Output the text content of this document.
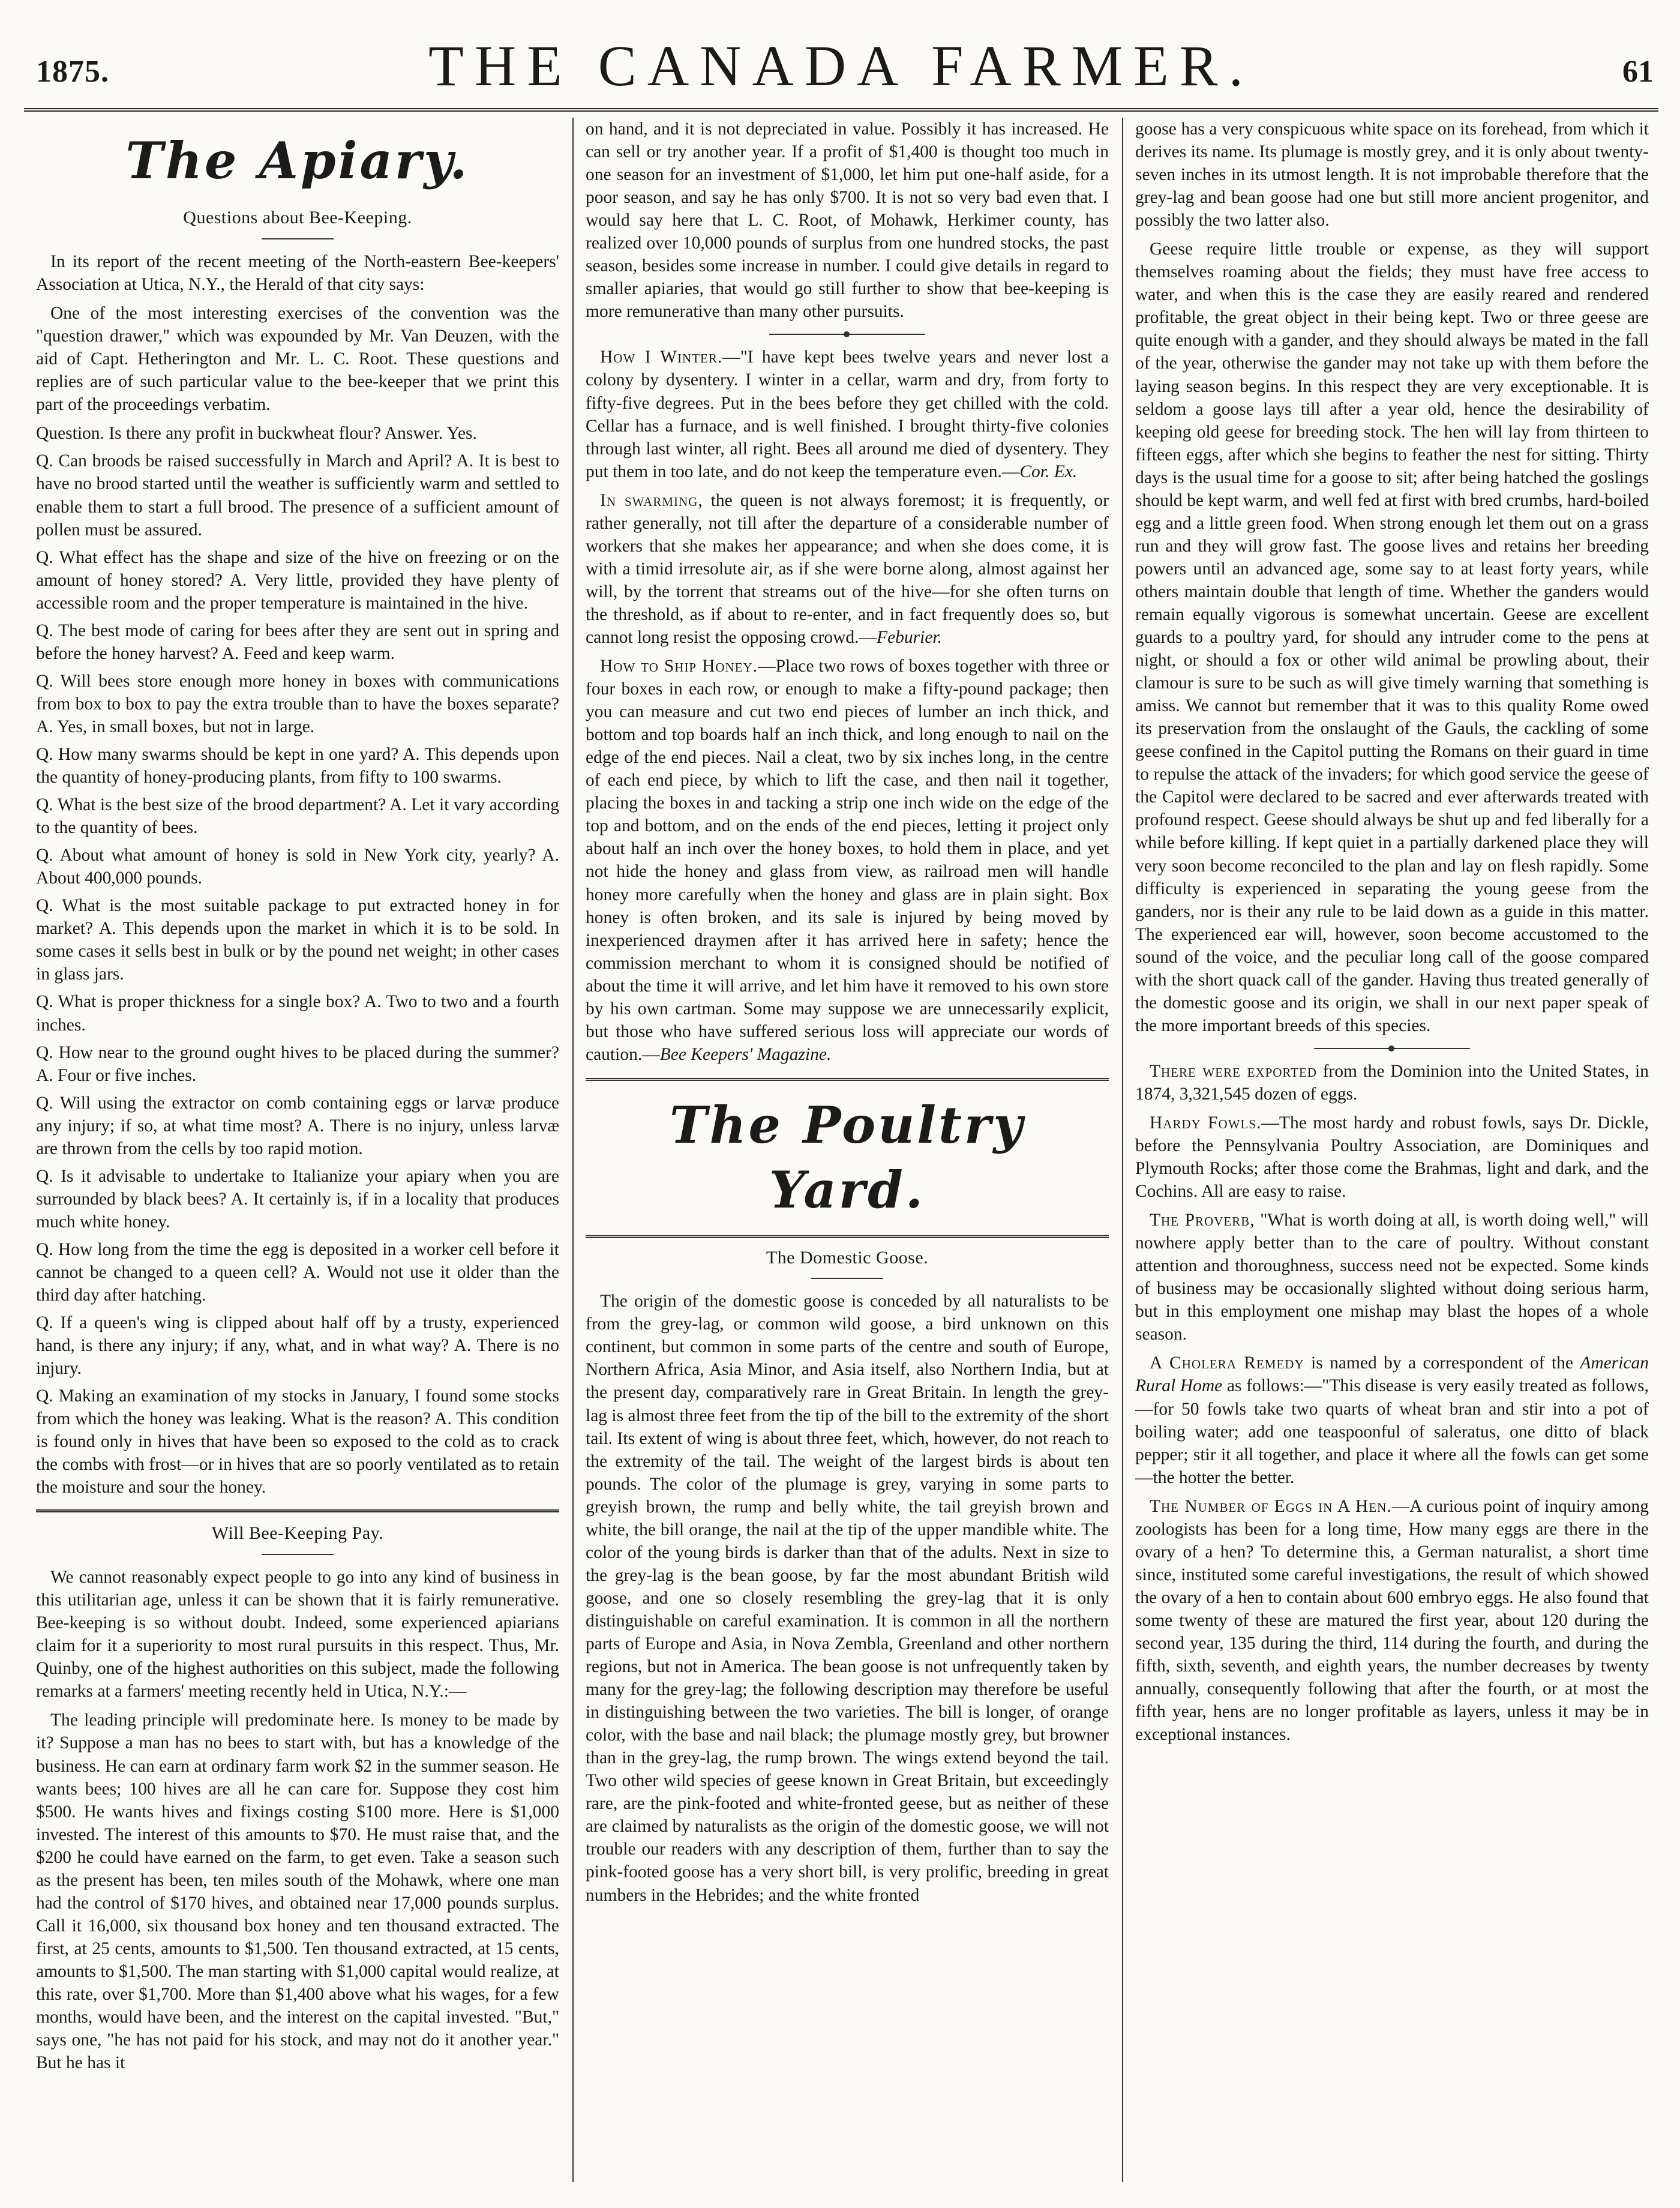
1875.	THE CANADA FARMER.	61
The Apiary.
Questions about Bee-Keeping.

In its report of the recent meeting of the North-eastern Bee-keepers' Association at Utica, N.Y., the Herald of that city says:

One of the most interesting exercises of the convention was the "question drawer," which was expounded by Mr. Van Deuzen, with the aid of Capt. Hetherington and Mr. L. C. Root. These questions and replies are of such particular value to the bee-keeper that we print this part of the proceedings verbatim.

Question. Is there any profit in buckwheat flour? Answer. Yes.

Q. Can broods be raised successfully in March and April? A. It is best to have no brood started until the weather is sufficiently warm and settled to enable them to start a full brood. The presence of a sufficient amount of pollen must be assured.

Q. What effect has the shape and size of the hive on freezing or on the amount of honey stored? A. Very little, provided they have plenty of accessible room and the proper temperature is maintained in the hive.

Q. The best mode of caring for bees after they are sent out in spring and before the honey harvest? A. Feed and keep warm.

Q. Will bees store enough more honey in boxes with communications from box to box to pay the extra trouble than to have the boxes separate? A. Yes, in small boxes, but not in large.

Q. How many swarms should be kept in one yard? A. This depends upon the quantity of honey-producing plants, from fifty to 100 swarms.

Q. What is the best size of the brood department? A. Let it vary according to the quantity of bees.

Q. About what amount of honey is sold in New York city, yearly? A. About 400,000 pounds.

Q. What is the most suitable package to put extracted honey in for market? A. This depends upon the market in which it is to be sold. In some cases it sells best in bulk or by the pound net weight; in other cases in glass jars.

Q. What is proper thickness for a single box? A. Two to two and a fourth inches.

Q. How near to the ground ought hives to be placed during the summer? A. Four or five inches.

Q. Will using the extractor on comb containing eggs or larvæ produce any injury; if so, at what time most? A. There is no injury, unless larvæ are thrown from the cells by too rapid motion.

Q. Is it advisable to undertake to Italianize your apiary when you are surrounded by black bees? A. It certainly is, if in a locality that produces much white honey.

Q. How long from the time the egg is deposited in a worker cell before it cannot be changed to a queen cell? A. Would not use it older than the third day after hatching.

Q. If a queen's wing is clipped about half off by a trusty, experienced hand, is there any injury; if any, what, and in what way? A. There is no injury.

Q. Making an examination of my stocks in January, I found some stocks from which the honey was leaking. What is the reason? A. This condition is found only in hives that have been so exposed to the cold as to crack the combs with frost—or in hives that are so poorly ventilated as to retain the moisture and sour the honey.

Will Bee-Keeping Pay.

We cannot reasonably expect people to go into any kind of business in this utilitarian age, unless it can be shown that it is fairly remunerative. Bee-keeping is so without doubt. Indeed, some experienced apiarians claim for it a superiority to most rural pursuits in this respect. Thus, Mr. Quinby, one of the highest authorities on this subject, made the following remarks at a farmers' meeting recently held in Utica, N.Y.:—

The leading principle will predominate here. Is money to be made by it? Suppose a man has no bees to start with, but has a knowledge of the business. He can earn at ordinary farm work $2 in the summer season. He wants bees; 100 hives are all he can care for. Suppose they cost him $500. He wants hives and fixings costing $100 more. Here is $1,000 invested. The interest of this amounts to $70. He must raise that, and the $200 he could have earned on the farm, to get even. Take a season such as the present has been, ten miles south of the Mohawk, where one man had the control of $170 hives, and obtained near 17,000 pounds surplus. Call it 16,000, six thousand box honey and ten thousand extracted. The first, at 25 cents, amounts to $1,500. Ten thousand extracted, at 15 cents, amounts to $1,500. The man starting with $1,000 capital would realize, at this rate, over $1,700. More than $1,400 above what his wages, for a few months, would have been, and the interest on the capital invested. "But," says one, "he has not paid for his stock, and may not do it another year." But he has it

on hand, and it is not depreciated in value. Possibly it has increased. He can sell or try another year. If a profit of $1,400 is thought too much in one season for an investment of $1,000, let him put one-half aside, for a poor season, and say he has only $700. It is not so very bad even that. I would say here that L. C. Root, of Mohawk, Herkimer county, has realized over 10,000 pounds of surplus from one hundred stocks, the past season, besides some increase in number. I could give details in regard to smaller apiaries, that would go still further to show that bee-keeping is more remunerative than many other pursuits.

How I Winter.—"I have kept bees twelve years and never lost a colony by dysentery. I winter in a cellar, warm and dry, from forty to fifty-five degrees. Put in the bees before they get chilled with the cold. Cellar has a furnace, and is well finished. I brought thirty-five colonies through last winter, all right. Bees all around me died of dysentery. They put them in too late, and do not keep the temperature even.—Cor. Ex.

In swarming, the queen is not always foremost; it is frequently, or rather generally, not till after the departure of a considerable number of workers that she makes her appearance; and when she does come, it is with a timid irresolute air, as if she were borne along, almost against her will, by the torrent that streams out of the hive—for she often turns on the threshold, as if about to re-enter, and in fact frequently does so, but cannot long resist the opposing crowd.—Feburier.

How to Ship Honey.—Place two rows of boxes together with three or four boxes in each row, or enough to make a fifty-pound package; then you can measure and cut two end pieces of lumber an inch thick, and bottom and top boards half an inch thick, and long enough to nail on the edge of the end pieces. Nail a cleat, two by six inches long, in the centre of each end piece, by which to lift the case, and then nail it together, placing the boxes in and tacking a strip one inch wide on the edge of the top and bottom, and on the ends of the end pieces, letting it project only about half an inch over the honey boxes, to hold them in place, and yet not hide the honey and glass from view, as railroad men will handle honey more carefully when the honey and glass are in plain sight. Box honey is often broken, and its sale is injured by being moved by inexperienced draymen after it has arrived here in safety; hence the commission merchant to whom it is consigned should be notified of about the time it will arrive, and let him have it removed to his own store by his own cartman. Some may suppose we are unnecessarily explicit, but those who have suffered serious loss will appreciate our words of caution.—Bee Keepers' Magazine.

The Poultry Yard.
The Domestic Goose.

The origin of the domestic goose is conceded by all naturalists to be from the grey-lag, or common wild goose, a bird unknown on this continent, but common in some parts of the centre and south of Europe, Northern Africa, Asia Minor, and Asia itself, also Northern India, but at the present day, comparatively rare in Great Britain. In length the grey-lag is almost three feet from the tip of the bill to the extremity of the short tail. Its extent of wing is about three feet, which, however, do not reach to the extremity of the tail. The weight of the largest birds is about ten pounds. The color of the plumage is grey, varying in some parts to greyish brown, the rump and belly white, the tail greyish brown and white, the bill orange, the nail at the tip of the upper mandible white. The color of the young birds is darker than that of the adults. Next in size to the grey-lag is the bean goose, by far the most abundant British wild goose, and one so closely resembling the grey-lag that it is only distinguishable on careful examination. It is common in all the northern parts of Europe and Asia, in Nova Zembla, Greenland and other northern regions, but not in America. The bean goose is not unfrequently taken by many for the grey-lag; the following description may therefore be useful in distinguishing between the two varieties. The bill is longer, of orange color, with the base and nail black; the plumage mostly grey, but browner than in the grey-lag, the rump brown. The wings extend beyond the tail. Two other wild species of geese known in Great Britain, but exceedingly rare, are the pink-footed and white-fronted geese, but as neither of these are claimed by naturalists as the origin of the domestic goose, we will not trouble our readers with any description of them, further than to say the pink-footed goose has a very short bill, is very prolific, breeding in great numbers in the Hebrides; and the white fronted

goose has a very conspicuous white space on its forehead, from which it derives its name. Its plumage is mostly grey, and it is only about twenty-seven inches in its utmost length. It is not improbable therefore that the grey-lag and bean goose had one but still more ancient progenitor, and possibly the two latter also.

Geese require little trouble or expense, as they will support themselves roaming about the fields; they must have free access to water, and when this is the case they are easily reared and rendered profitable, the great object in their being kept. Two or three geese are quite enough with a gander, and they should always be mated in the fall of the year, otherwise the gander may not take up with them before the laying season begins. In this respect they are very exceptionable. It is seldom a goose lays till after a year old, hence the desirability of keeping old geese for breeding stock. The hen will lay from thirteen to fifteen eggs, after which she begins to feather the nest for sitting. Thirty days is the usual time for a goose to sit; after being hatched the goslings should be kept warm, and well fed at first with bred crumbs, hard-boiled egg and a little green food. When strong enough let them out on a grass run and they will grow fast. The goose lives and retains her breeding powers until an advanced age, some say to at least forty years, while others maintain double that length of time. Whether the ganders would remain equally vigorous is somewhat uncertain. Geese are excellent guards to a poultry yard, for should any intruder come to the pens at night, or should a fox or other wild animal be prowling about, their clamour is sure to be such as will give timely warning that something is amiss. We cannot but remember that it was to this quality Rome owed its preservation from the onslaught of the Gauls, the cackling of some geese confined in the Capitol putting the Romans on their guard in time to repulse the attack of the invaders; for which good service the geese of the Capitol were declared to be sacred and ever afterwards treated with profound respect. Geese should always be shut up and fed liberally for a while before killing. If kept quiet in a partially darkened place they will very soon become reconciled to the plan and lay on flesh rapidly. Some difficulty is experienced in separating the young geese from the ganders, nor is their any rule to be laid down as a guide in this matter. The experienced ear will, however, soon become accustomed to the sound of the voice, and the peculiar long call of the goose compared with the short quack call of the gander. Having thus treated generally of the domestic goose and its origin, we shall in our next paper speak of the more important breeds of this species.

There were exported from the Dominion into the United States, in 1874, 3,321,545 dozen of eggs.

Hardy Fowls.—The most hardy and robust fowls, says Dr. Dickle, before the Pennsylvania Poultry Association, are Dominiques and Plymouth Rocks; after those come the Brahmas, light and dark, and the Cochins. All are easy to raise.

The Proverb, "What is worth doing at all, is worth doing well," will nowhere apply better than to the care of poultry. Without constant attention and thoroughness, success need not be expected. Some kinds of business may be occasionally slighted without doing serious harm, but in this employment one mishap may blast the hopes of a whole season.

A Cholera Remedy is named by a correspondent of the American Rural Home as follows:—"This disease is very easily treated as follows,—for 50 fowls take two quarts of wheat bran and stir into a pot of boiling water; add one teaspoonful of saleratus, one ditto of black pepper; stir it all together, and place it where all the fowls can get some—the hotter the better.

The Number of Eggs in A Hen.—A curious point of inquiry among zoologists has been for a long time, How many eggs are there in the ovary of a hen? To determine this, a German naturalist, a short time since, instituted some careful investigations, the result of which showed the ovary of a hen to contain about 600 embryo eggs. He also found that some twenty of these are matured the first year, about 120 during the second year, 135 during the third, 114 during the fourth, and during the fifth, sixth, seventh, and eighth years, the number decreases by twenty annually, consequently following that after the fourth, or at most the fifth year, hens are no longer profitable as layers, unless it may be in exceptional instances.
